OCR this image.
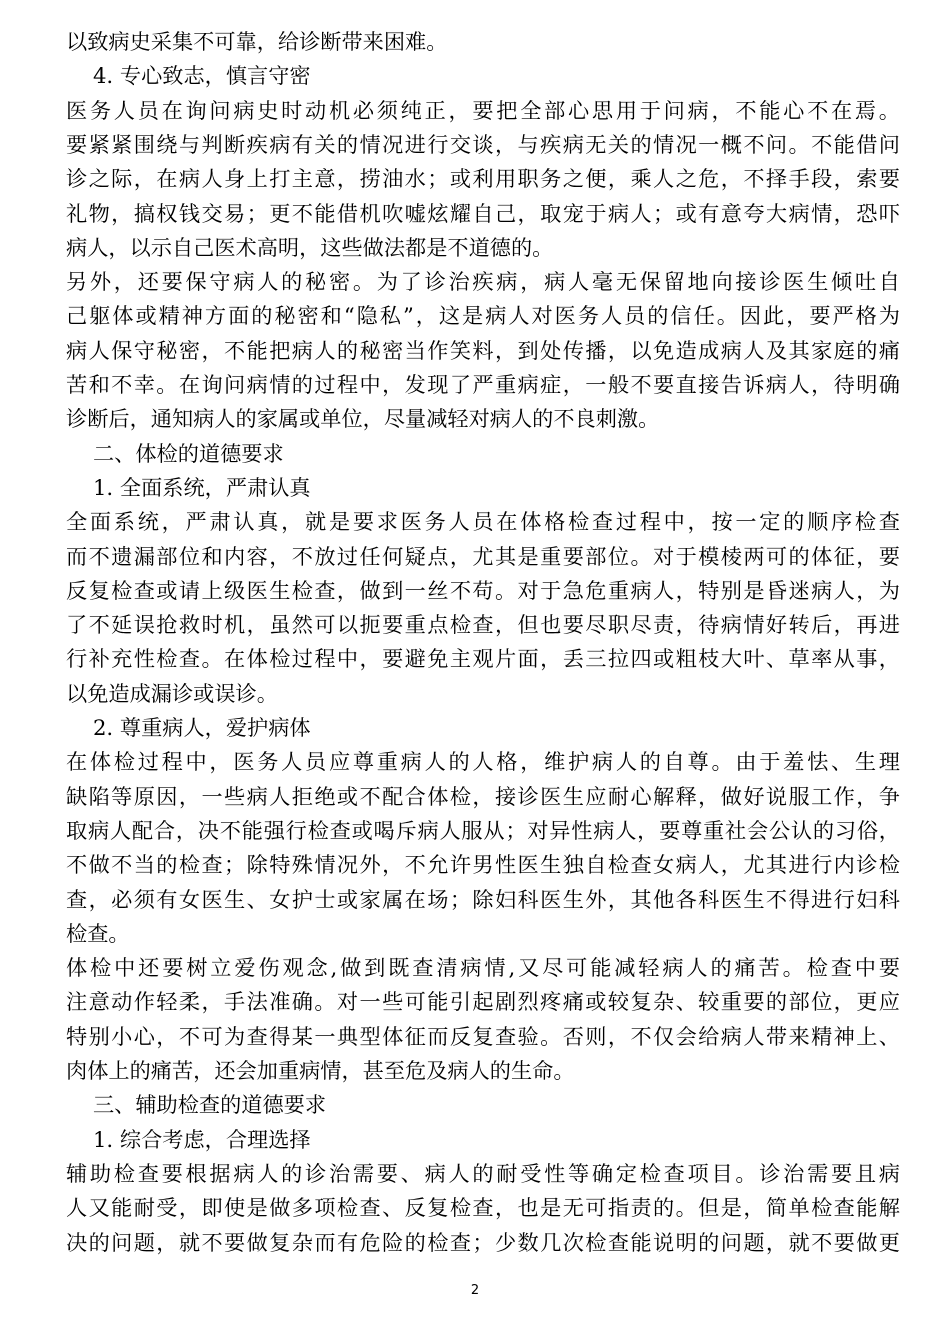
以致病史采集不可靠，给诊断带来困难。
4. 专心致志，慎言守密
医务人员在询问病史时动机必须纯正，要把全部心思用于问病，不能心不在焉。
要紧紧围绕与判断疾病有关的情况进行交谈，与疾病无关的情况一概不问。不能借问
诊之际，在病人身上打主意，捞油水；或利用职务之便，乘人之危，不择手段，索要
礼物，搞权钱交易；更不能借机吹嘘炫耀自己，取宠于病人；或有意夸大病情，恐吓
病人，以示自己医术高明，这些做法都是不道德的。
另外，还要保守病人的秘密。为了诊治疾病，病人毫无保留地向接诊医生倾吐自
己躯体或精神方面的秘密和“隐私”，这是病人对医务人员的信任。因此，要严格为
病人保守秘密，不能把病人的秘密当作笑料，到处传播，以免造成病人及其家庭的痛
苦和不幸。在询问病情的过程中，发现了严重病症，一般不要直接告诉病人，待明确
诊断后，通知病人的家属或单位，尽量减轻对病人的不良刺激。
二、体检的道德要求
1. 全面系统，严肃认真
全面系统，严肃认真，就是要求医务人员在体格检查过程中，按一定的顺序检查
而不遗漏部位和内容，不放过任何疑点，尤其是重要部位。对于模棱两可的体征，要
反复检查或请上级医生检查，做到一丝不苟。对于急危重病人，特别是昏迷病人，为
了不延误抢救时机，虽然可以扼要重点检查，但也要尽职尽责，待病情好转后，再进
行补充性检查。在体检过程中，要避免主观片面，丢三拉四或粗枝大叶、草率从事，
以免造成漏诊或误诊。
2. 尊重病人，爱护病体
在体检过程中，医务人员应尊重病人的人格，维护病人的自尊。由于羞怯、生理
缺陷等原因，一些病人拒绝或不配合体检，接诊医生应耐心解释，做好说服工作，争
取病人配合，决不能强行检查或喝斥病人服从；对异性病人，要尊重社会公认的习俗，
不做不当的检查；除特殊情况外，不允许男性医生独自检查女病人，尤其进行内诊检
查，必须有女医生、女护士或家属在场；除妇科医生外，其他各科医生不得进行妇科
检查。
体检中还要树立爱伤观念,做到既查清病情,又尽可能减轻病人的痛苦。检查中要
注意动作轻柔，手法准确。对一些可能引起剧烈疼痛或较复杂、较重要的部位，更应
特别小心，不可为查得某一典型体征而反复查验。否则，不仅会给病人带来精神上、
肉体上的痛苦，还会加重病情，甚至危及病人的生命。
三、辅助检查的道德要求
1. 综合考虑，合理选择
辅助检查要根据病人的诊治需要、病人的耐受性等确定检查项目。诊治需要且病
人又能耐受，即使是做多项检查、反复检查，也是无可指责的。但是，简单检查能解
决的问题，就不要做复杂而有危险的检查；少数几次检查能说明的问题，就不要做更
2
